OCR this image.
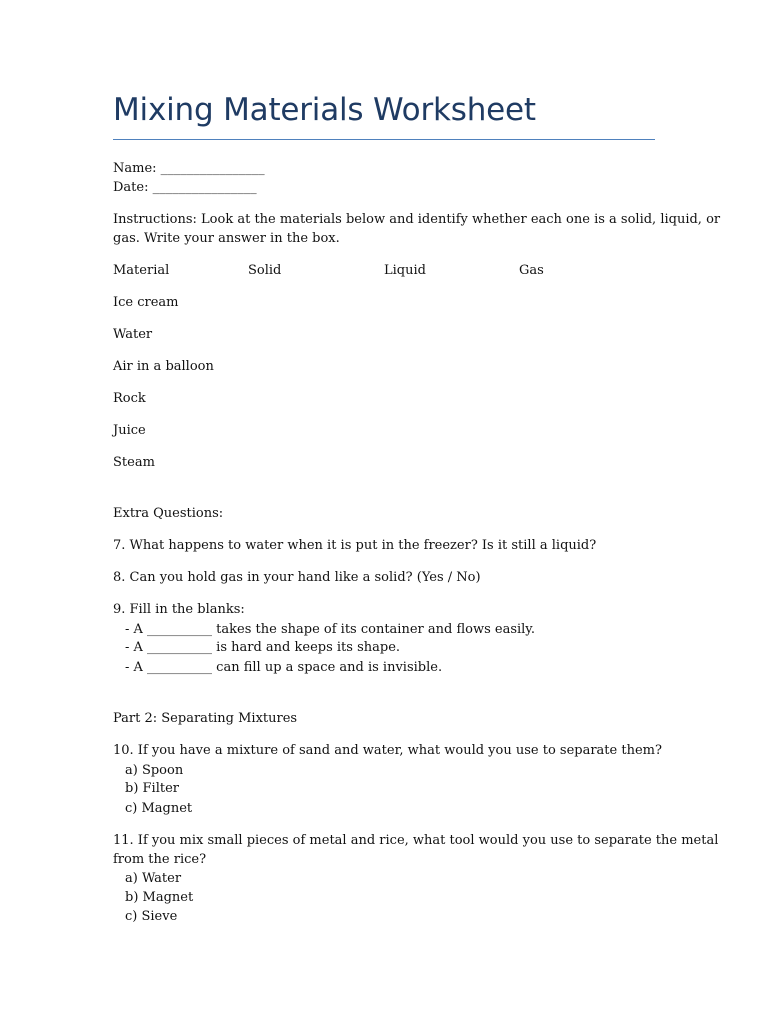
Mixing Materials Worksheet
Name: ________________
Date: ________________
Instructions: Look at the materials below and identify whether each one is a solid, liquid, or
gas. Write your answer in the box.
Material	Solid	Liquid	Gas
Ice cream
Water
Air in a balloon
Rock
Juice
Steam
Extra Questions:
7. What happens to water when it is put in the freezer? Is it still a liquid?
8. Can you hold gas in your hand like a solid? (Yes / No)
9. Fill in the blanks:
- A __________ takes the shape of its container and flows easily.
- A __________ is hard and keeps its shape.
- A __________ can fill up a space and is invisible.
Part 2: Separating Mixtures
10. If you have a mixture of sand and water, what would you use to separate them?
a) Spoon
b) Filter
c) Magnet
11. If you mix small pieces of metal and rice, what tool would you use to separate the metal
from the rice?
a) Water
b) Magnet
c) Sieve
